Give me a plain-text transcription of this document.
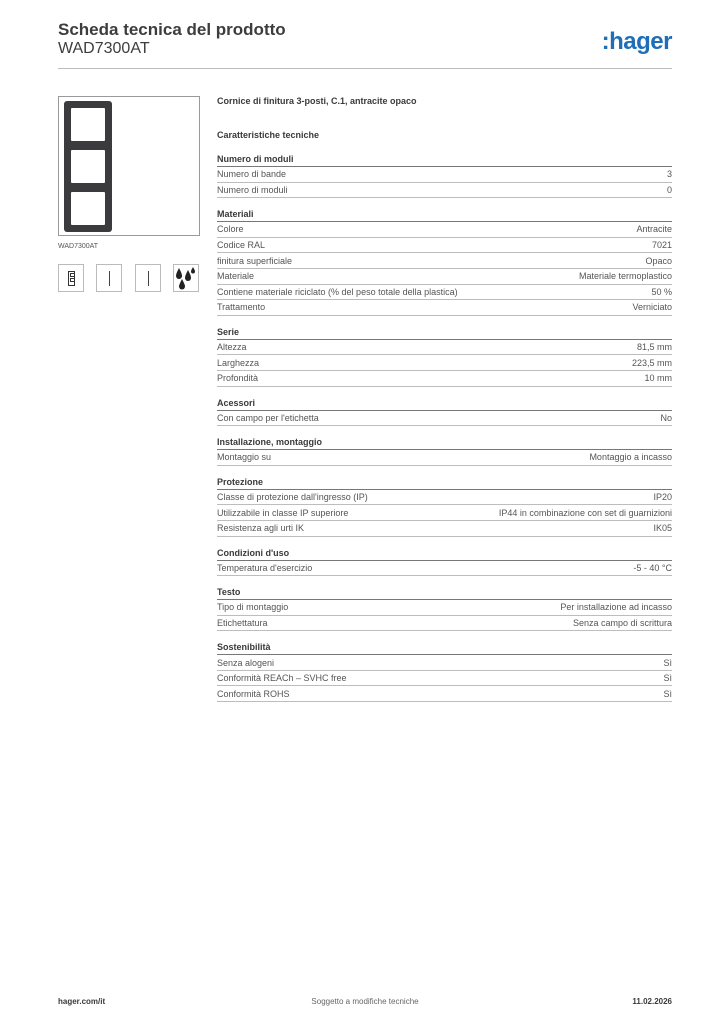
Scheda tecnica del prodotto
WAD7300AT	:hager
WAD7300AT
Cornice di finitura 3-posti, C.1, antracite opaco
Caratteristiche tecniche
Numero di moduli
Numero di bande	3
Numero di moduli	0
Materiali
Colore	Antracite
Codice RAL	7021
finitura superficiale	Opaco
Materiale	Materiale termoplastico
Contiene materiale riciclato (% del peso totale della plastica)	50 %
Trattamento	Verniciato
Serie
Altezza	81,5 mm
Larghezza	223,5 mm
Profondità	10 mm
Acessori
Con campo per l'etichetta	No
Installazione, montaggio
Montaggio su	Montaggio a incasso
Protezione
Classe di protezione dall'ingresso (IP)	IP20
Utilizzabile in classe IP superiore	IP44 in combinazione con set di guarnizioni
Resistenza agli urti IK	IK05
Condizioni d'uso
Temperatura d'esercizio	-5 - 40 °C
Testo
Tipo di montaggio	Per installazione ad incasso
Etichettatura	Senza campo di scrittura
Sostenibilità
Senza alogeni	Sì
Conformità REACh – SVHC free	Sì
Conformità ROHS	Sì
hager.com/it	Soggetto a modifiche tecniche	11.02.2026
